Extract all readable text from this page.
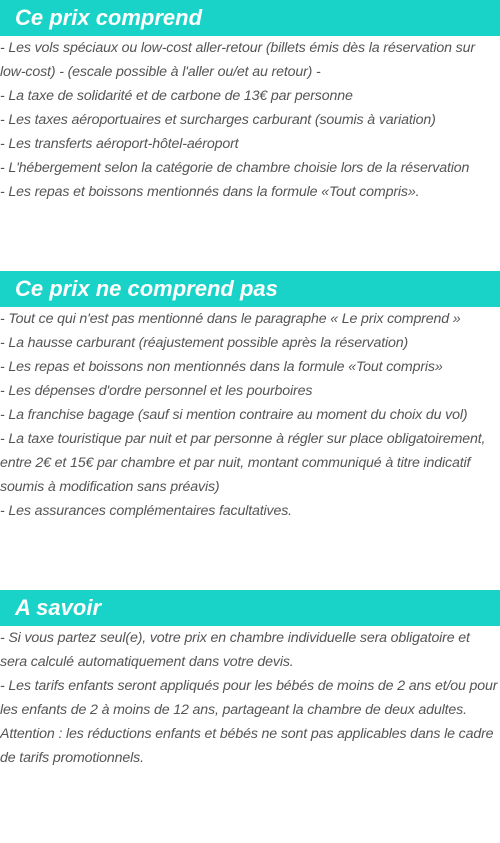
Ce prix comprend
- Les vols spéciaux ou low-cost aller-retour (billets émis dès la réservation sur low-cost) - (escale possible à l'aller ou/et au retour) -
- La taxe de solidarité et de carbone de 13€ par personne
- Les taxes aéroportuaires et surcharges carburant (soumis à variation)
- Les transferts aéroport-hôtel-aéroport
- L'hébergement selon la catégorie de chambre choisie lors de la réservation
- Les repas et boissons mentionnés dans la formule «Tout compris».
Ce prix ne comprend pas
- Tout ce qui n'est pas mentionné dans le paragraphe « Le prix comprend »
- La hausse carburant (réajustement possible après la réservation)
- Les repas et boissons non mentionnés dans la formule «Tout compris»
- Les dépenses d'ordre personnel et les pourboires
- La franchise bagage (sauf si mention contraire au moment du choix du vol)
- La taxe touristique par nuit et par personne à régler sur place obligatoirement, entre 2€ et 15€ par chambre et par nuit, montant communiqué à titre indicatif soumis à modification sans préavis)
- Les assurances complémentaires facultatives.
A savoir
- Si vous partez seul(e), votre prix en chambre individuelle sera obligatoire et sera calculé automatiquement dans votre devis.
- Les tarifs enfants seront appliqués pour les bébés de moins de 2 ans et/ou pour les enfants de 2 à moins de 12 ans, partageant la chambre de deux adultes.
Attention : les réductions enfants et bébés ne sont pas applicables dans le cadre de tarifs promotionnels.
